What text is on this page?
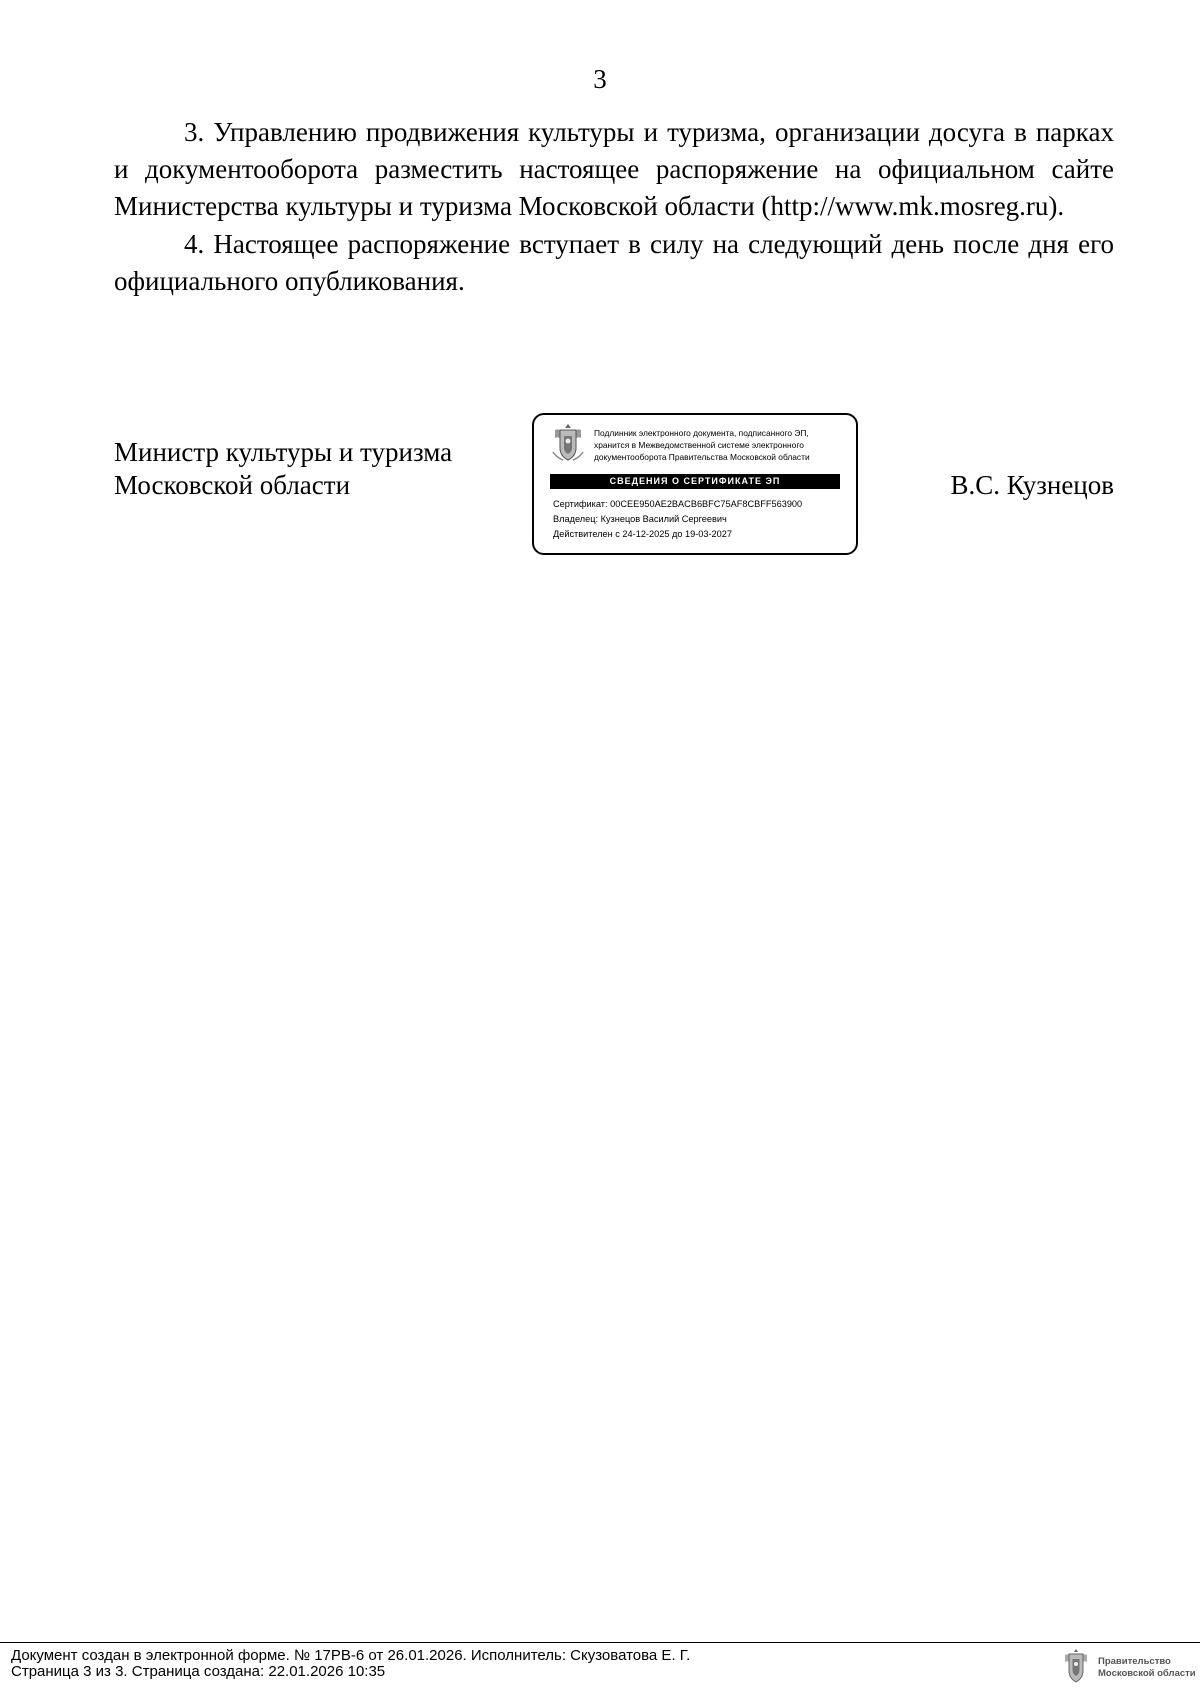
3

3. Управлению продвижения культуры и туризма, организации досуга в парках и документооборота разместить настоящее распоряжение на официальном сайте Министерства культуры и туризма Московской области (http://www.mk.mosreg.ru).

4. Настоящее распоряжение вступает в силу на следующий день после дня его официального опубликования.

Министр культуры и туризма
Московской области
Подлинник электронного документа, подписанного ЭП,
хранится в Межведомственной системе электронного
документооборота Правительства Московской области
СВЕДЕНИЯ О СЕРТИФИКАТЕ ЭП
Сертификат: 00CEE950AE2BACB6BFC75AF8CBFF563900
Владелец: Кузнецов Василий Сергеевич
Действителен с 24-12-2025 до 19-03-2027
В.С. Кузнецов
Документ создан в электронной форме. № 17РВ-6 от 26.01.2026. Исполнитель: Скузоватова Е. Г.
Страница 3 из 3. Страница создана: 22.01.2026 10:35
Правительство
Московской области
